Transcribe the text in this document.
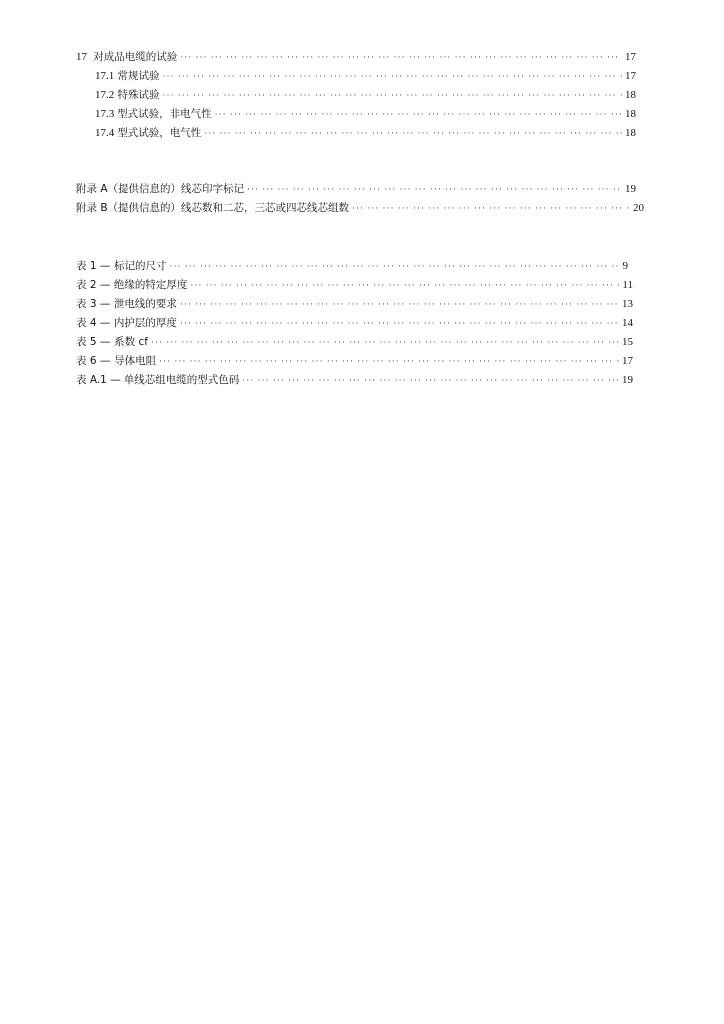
17 对成品电缆的试验 ··· ·	17
17.1 常规试验 ··· ·	17
17.2 特殊试验 ··· ·	18
17.3 型式试验，非电气性 ··· ·	18
17.4 型式试验，电气性 ··· ·	18
附录 A （提供信息的）线芯印字标记 ··· ·	19
附录 B （提供信息的）线芯数和二芯，三芯或四芯线芯组数 ··· ·	20
表 1 — 标记的尺寸 ··· ·	9
表 2 — 绝缘的特定厚度 ··· ·	11
表 3 — 泄电线的要求 ··· ·	13
表 4 — 内护层的厚度 ··· ·	14
表 5 — 系数 cf ··· ·	15
表 6 — 导体电阻 ··· ·	17
表 A.1 — 单线芯组电缆的型式色码 ··· ·	19
